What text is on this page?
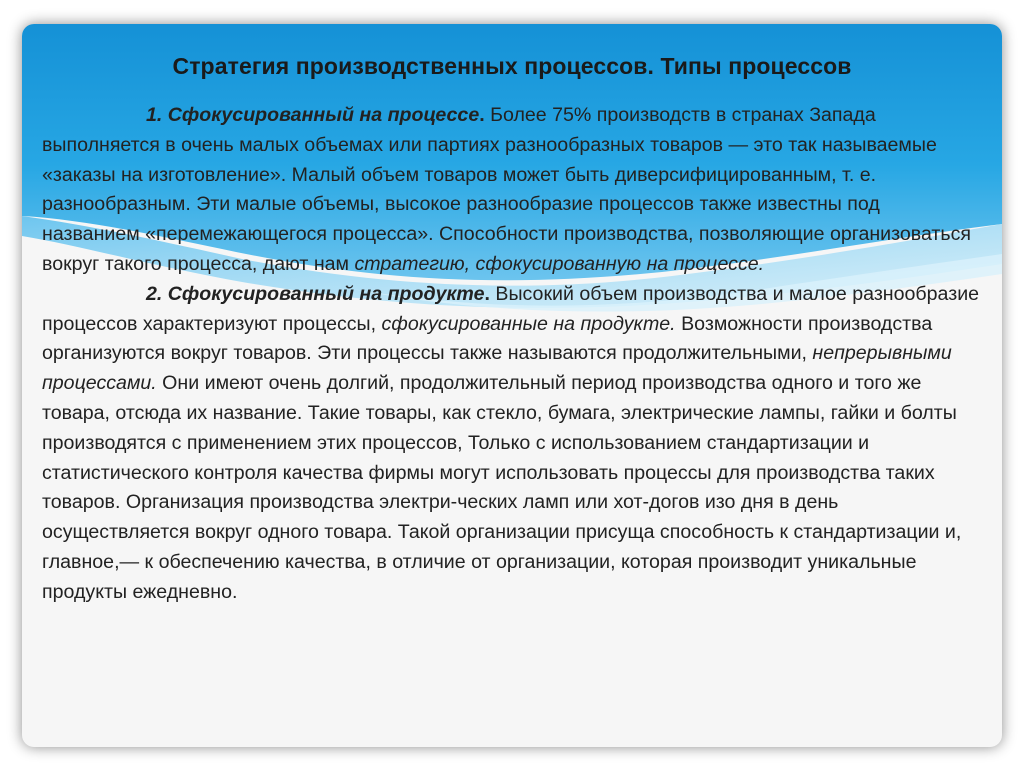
Стратегия производственных процессов. Типы процессов

1. Сфокусированный на процессе. Более 75% производств в странах Запада выполняется в очень малых объемах или партиях разнообразных товаров — это так называемые «заказы на изготовление». Малый объем товаров может быть диверсифицированным, т. е. разнообразным. Эти малые объемы, высокое разнообразие процессов также известны под названием «перемежающегося процесса». Способности производства, позволяющие организоваться вокруг такого процесса, дают нам стратегию, сфокусированную на процессе.

2. Сфокусированный на продукте. Высокий объем производства и малое разнообразие процессов характеризуют процессы, сфокусированные на продукте. Возможности производства организуются вокруг товаров. Эти процессы также называются продолжительными, непрерывными процессами. Они имеют очень долгий, продолжительный период производства одного и того же товара, отсюда их название. Такие товары, как стекло, бумага, электрические лампы, гайки и болты производятся с применением этих процессов, Только с использованием стандартизации и статистического контроля качества фирмы могут использовать процессы для производства таких товаров. Организация производства электри-ческих ламп или хот-догов изо дня в день осуществляется вокруг одного товара. Такой организации присуща способность к стандартизации и, главное,— к обеспечению качества, в отличие от организации, которая производит уникальные продукты ежедневно.
